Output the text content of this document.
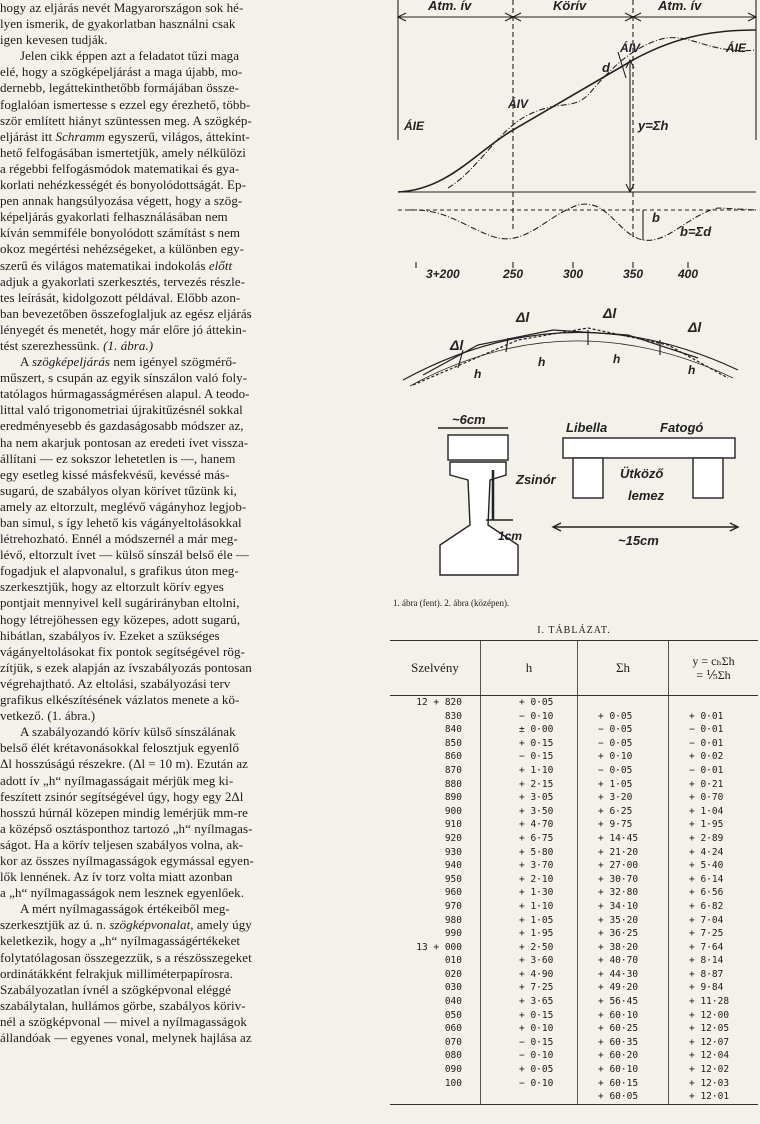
hogy az eljárás nevét Magyarországon sok hé-

lyen ismerik, de gyakorlatban használni csak

igen kevesen tudják.

Jelen cikk éppen azt a feladatot tűzi maga

elé, hogy a szögképeljárást a maga újabb, mo-

dernebb, legáttekinthetőbb formájában össze-

foglalóan ismertesse s ezzel egy érezhető, több-

ször említett hiányt szüntessen meg. A szögkép-

eljárást itt Schramm egyszerű, világos, áttekint-

hető felfogásában ismertetjük, amely nélkülözi

a régebbi felfogásmódok matematikai és gya-

korlati nehézkességét és bonyolódottságát. Ep-

pen annak hangsúlyozása végett, hogy a szög-

képeljárás gyakorlati felhasználásában nem

kíván semmiféle bonyolódott számítást s nem

okoz megértési nehézségeket, a különben egy-

szerű és világos matematikai indokolás előtt

adjuk a gyakorlati szerkesztés, tervezés részle-

tes leírását, kidolgozott példával. Előbb azon-

ban bevezetőben összefoglaljuk az egész eljárás

lényegét és menetét, hogy már előre jó áttekin-

tést szerezhessünk. (1. ábra.)

A szögképeljárás nem igényel szögmérő-

műszert, s csupán az egyik sínszálon való foly-

tatólagos húrmagasságmérésen alapul. A teodo-

littal való trigonometriai újrakitűzésnél sokkal

eredményesebb és gazdaságosabb módszer az,

ha nem akarjuk pontosan az eredeti ívet vissza-

állítani — ez sokszor lehetetlen is —, hanem

egy esetleg kissé másfekvésű, kevéssé más-

sugarú, de szabályos olyan körívet tűzünk ki,

amely az eltorzult, meglévő vágányhoz legjob-

ban simul, s így lehető kis vágányeltolásokkal

létrehozható. Ennél a módszernél a már meg-

lévő, eltorzult ívet — külső sínszál belső éle —

fogadjuk el alapvonalul, s grafikus úton meg-

szerkesztjük, hogy az eltorzult körív egyes

pontjait mennyivel kell sugárirányban eltolni,

hogy létrejöhessen egy közepes, adott sugarú,

hibátlan, szabályos ív. Ezeket a szükséges

vágányeltolásokat fix pontok segítségével rög-

zítjük, s ezek alapján az ívszabályozás pontosan

végrehajtható. Az eltolási, szabályozási terv

grafikus elkészítésének vázlatos menete a kö-

vetkező. (1. ábra.)

A szabályozandó körív külső sínszálának

belső élét krétavonásokkal felosztjuk egyenlő

Δl hosszúságú részekre. (Δl = 10 m). Ezután az

adott ív „h“ nyílmagasságait mérjük meg ki-

feszített zsinór segítségével úgy, hogy egy 2Δl

hosszú húrnál közepen mindig lemérjük mm-re

a középső osztásponthoz tartozó „h“ nyílmagas-

ságot. Ha a körív teljesen szabályos volna, ak-

kor az összes nyílmagasságok egymással egyen-

lők lennének. Az ív torz volta miatt azonban

a „h“ nyílmagasságok nem lesznek egyenlőek.

A mért nyílmagasságok értékeiből meg-

szerkesztjük az ú. n. szögképvonalat, amely úgy

keletkezik, hogy a „h“ nyílmagasságértékeket

folytatólagosan összegezzük, s a részösszegeket

ordinátákként felrakjuk milliméterpapírosra.

Szabályozatlan ívnél a szögképvonal eléggé

szabálytalan, hullámos görbe, szabályos köriv-

nél a szögképvonal — mivel a nyílmagasságok

állandóak — egyenes vonal, melynek hajlása az

Atm. ív	Körív	Atm. ív
ÁIE
ÁIV
ÁIV	ÁIE
d
y=Σh
b
b=Σd
3+200	250	300	350	400
Δl
Δl	Δl
Δl
h
h	h
h
~6cm
Zsinór
1cm
Libella	Fatogó
Ütköző
lemez
~15cm
1. ábra (fent). 2. ábra (középen).
I. TÁBLÁZAT.
Szelvény	h	Σh	y = cₕΣh
= ⅕Σh

12 + 820	+ 0·05		
830	− 0·10	+ 0·05	+ 0·01
840	± 0·00	− 0·05	− 0·01
850	+ 0·15	− 0·05	− 0·01
860	− 0·15	+ 0·10	+ 0·02
870	+ 1·10	− 0·05	− 0·01
880	+ 2·15	+ 1·05	+ 0·21
890	+ 3·05	+ 3·20	+ 0·70
900	+ 3·50	+ 6·25	+ 1·04
910	+ 4·70	+ 9·75	+ 1·95
920	+ 6·75	+ 14·45	+ 2·89
930	+ 5·80	+ 21·20	+ 4·24
940	+ 3·70	+ 27·00	+ 5·40
950	+ 2·10	+ 30·70	+ 6·14
960	+ 1·30	+ 32·80	+ 6·56
970	+ 1·10	+ 34·10	+ 6·82
980	+ 1·05	+ 35·20	+ 7·04
990	+ 1·95	+ 36·25	+ 7·25
13 + 000	+ 2·50	+ 38·20	+ 7·64
010	+ 3·60	+ 40·70	+ 8·14
020	+ 4·90	+ 44·30	+ 8·87
030	+ 7·25	+ 49·20	+ 9·84
040	+ 3·65	+ 56·45	+ 11·28
050	+ 0·15	+ 60·10	+ 12·00
060	+ 0·10	+ 60·25	+ 12·05
070	− 0·15	+ 60·35	+ 12·07
080	− 0·10	+ 60·20	+ 12·04
090	+ 0·05	+ 60·10	+ 12·02
100	− 0·10	+ 60·15	+ 12·03
		+ 60·05	+ 12·01
